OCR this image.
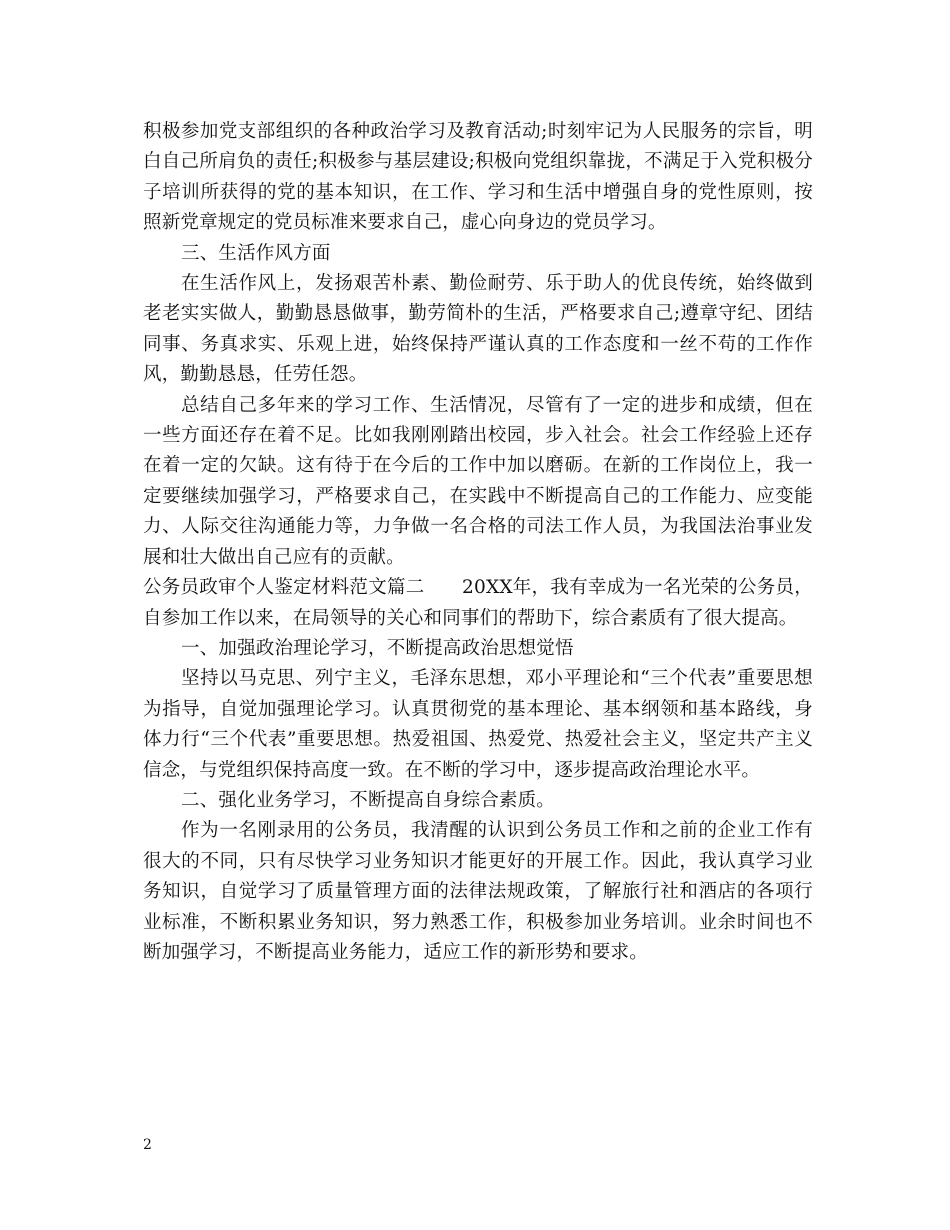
积极参加党支部组织的各种政治学习及教育活动;时刻牢记为人民服务的宗旨，明白自己所肩负的责任;积极参与基层建设;积极向党组织靠拢，不满足于入党积极分子培训所获得的党的基本知识，在工作、学习和生活中增强自身的党性原则，按照新党章规定的党员标准来要求自己，虚心向身边的党员学习。

三、生活作风方面

在生活作风上，发扬艰苦朴素、勤俭耐劳、乐于助人的优良传统，始终做到老老实实做人，勤勤恳恳做事，勤劳简朴的生活，严格要求自己;遵章守纪、团结同事、务真求实、乐观上进，始终保持严谨认真的工作态度和一丝不苟的工作作风，勤勤恳恳，任劳任怨。

总结自己多年来的学习工作、生活情况，尽管有了一定的进步和成绩，但在一些方面还存在着不足。比如我刚刚踏出校园，步入社会。社会工作经验上还存在着一定的欠缺。这有待于在今后的工作中加以磨砺。在新的工作岗位上，我一定要继续加强学习，严格要求自己，在实践中不断提高自己的工作能力、应变能力、人际交往沟通能力等，力争做一名合格的司法工作人员，为我国法治事业发展和壮大做出自己应有的贡献。

公务员政审个人鉴定材料范文篇二　　20XX年，我有幸成为一名光荣的公务员，自参加工作以来，在局领导的关心和同事们的帮助下，综合素质有了很大提高。

一、加强政治理论学习，不断提高政治思想觉悟

坚持以马克思、列宁主义，毛泽东思想，邓小平理论和“三个代表”重要思想为指导，自觉加强理论学习。认真贯彻党的基本理论、基本纲领和基本路线，身体力行“三个代表”重要思想。热爱祖国、热爱党、热爱社会主义，坚定共产主义信念，与党组织保持高度一致。在不断的学习中，逐步提高政治理论水平。

二、强化业务学习，不断提高自身综合素质。

作为一名刚录用的公务员，我清醒的认识到公务员工作和之前的企业工作有很大的不同，只有尽快学习业务知识才能更好的开展工作。因此，我认真学习业务知识，自觉学习了质量管理方面的法律法规政策，了解旅行社和酒店的各项行业标准，不断积累业务知识，努力熟悉工作，积极参加业务培训。业余时间也不断加强学习，不断提高业务能力，适应工作的新形势和要求。

2
